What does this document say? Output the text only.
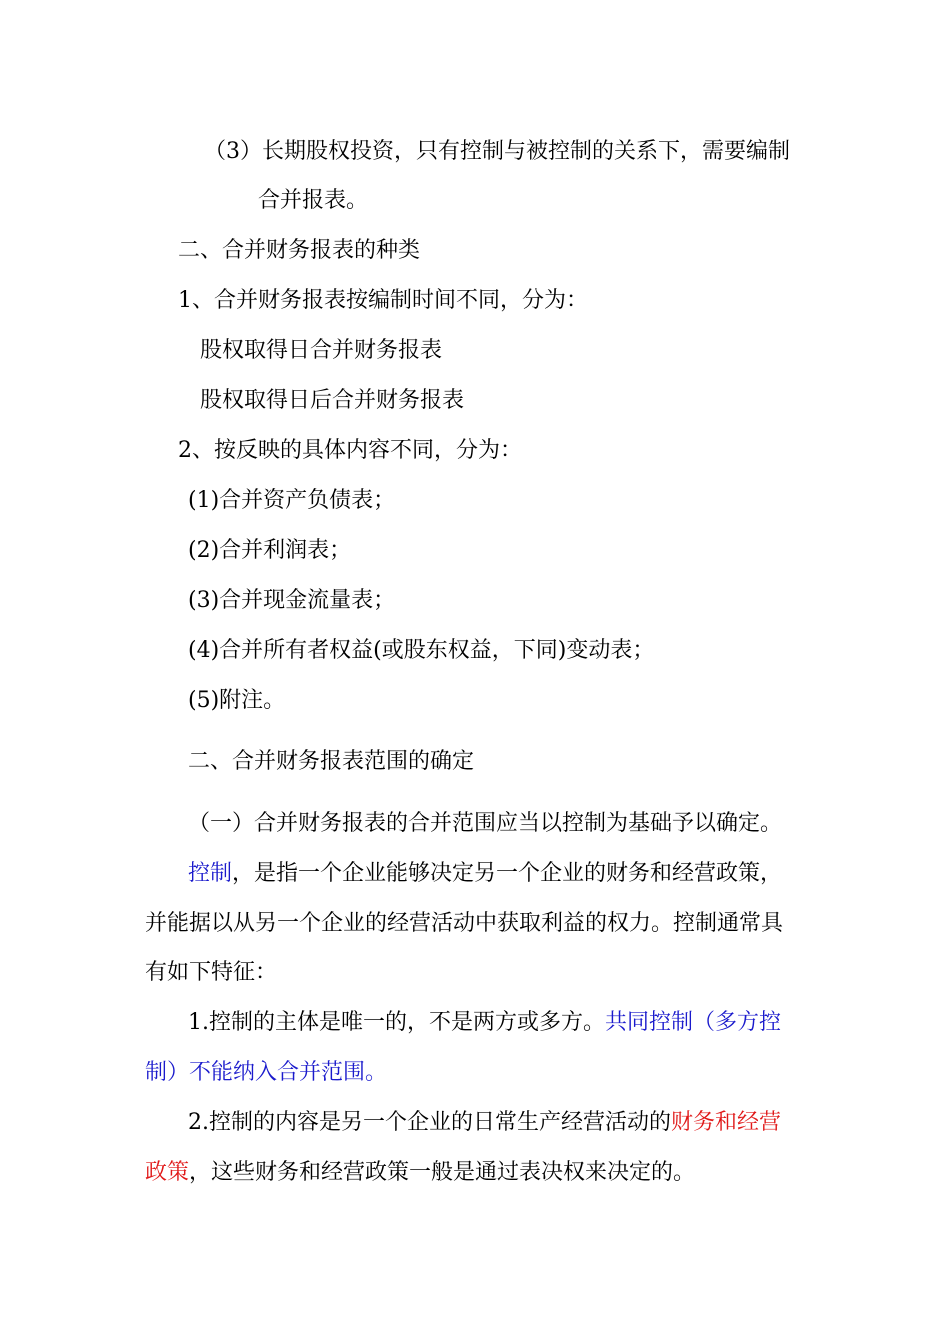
（3）长期股权投资，只有控制与被控制的关系下，需要编制
合并报表。
二、合并财务报表的种类
1、合并财务报表按编制时间不同，分为：
股权取得日合并财务报表
股权取得日后合并财务报表
2、按反映的具体内容不同，分为：
(1)合并资产负债表；
(2)合并利润表；
(3)合并现金流量表；
(4)合并所有者权益(或股东权益，下同)变动表；
(5)附注。
二、合并财务报表范围的确定
（一）合并财务报表的合并范围应当以控制为基础予以确定。
控制，是指一个企业能够决定另一个企业的财务和经营政策，
并能据以从另一个企业的经营活动中获取利益的权力。控制通常具
有如下特征：
1.控制的主体是唯一的，不是两方或多方。共同控制（多方控
制）不能纳入合并范围。
2.控制的内容是另一个企业的日常生产经营活动的财务和经营
政策，这些财务和经营政策一般是通过表决权来决定的。
